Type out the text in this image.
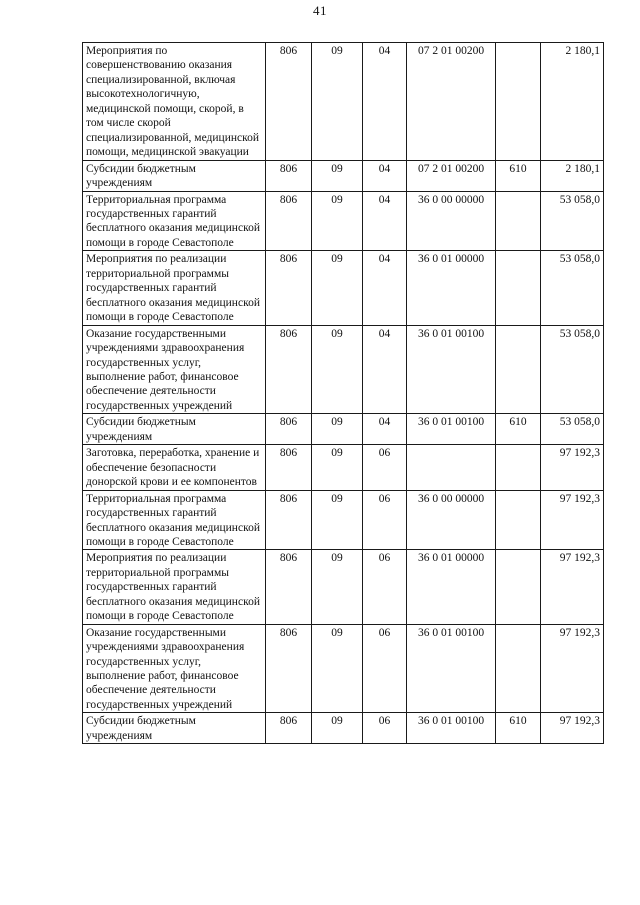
41
Мероприятия по совершенствованию оказания специализированной, включая высокотехнологичную, медицинской помощи, скорой, в том числе скорой специализированной, медицинской помощи, медицинской эвакуации	806	09	04	07 2 01 00200		2 180,1
Субсидии бюджетным учреждениям	806	09	04	07 2 01 00200	610	2 180,1
Территориальная программа государственных гарантий бесплатного оказания медицинской помощи в городе Севастополе	806	09	04	36 0 00 00000		53 058,0
Мероприятия по реализации территориальной программы государственных гарантий бесплатного оказания медицинской помощи в городе Севастополе	806	09	04	36 0 01 00000		53 058,0
Оказание государственными учреждениями здравоохранения государственных услуг, выполнение работ, финансовое обеспечение деятельности государственных учреждений	806	09	04	36 0 01 00100		53 058,0
Субсидии бюджетным учреждениям	806	09	04	36 0 01 00100	610	53 058,0
Заготовка, переработка, хранение и обеспечение безопасности донорской крови и ее компонентов	806	09	06			97 192,3
Территориальная программа государственных гарантий бесплатного оказания медицинской помощи в городе Севастополе	806	09	06	36 0 00 00000		97 192,3
Мероприятия по реализации территориальной программы государственных гарантий бесплатного оказания медицинской помощи в городе Севастополе	806	09	06	36 0 01 00000		97 192,3
Оказание государственными учреждениями здравоохранения государственных услуг, выполнение работ, финансовое обеспечение деятельности государственных учреждений	806	09	06	36 0 01 00100		97 192,3
Субсидии бюджетным учреждениям	806	09	06	36 0 01 00100	610	97 192,3
